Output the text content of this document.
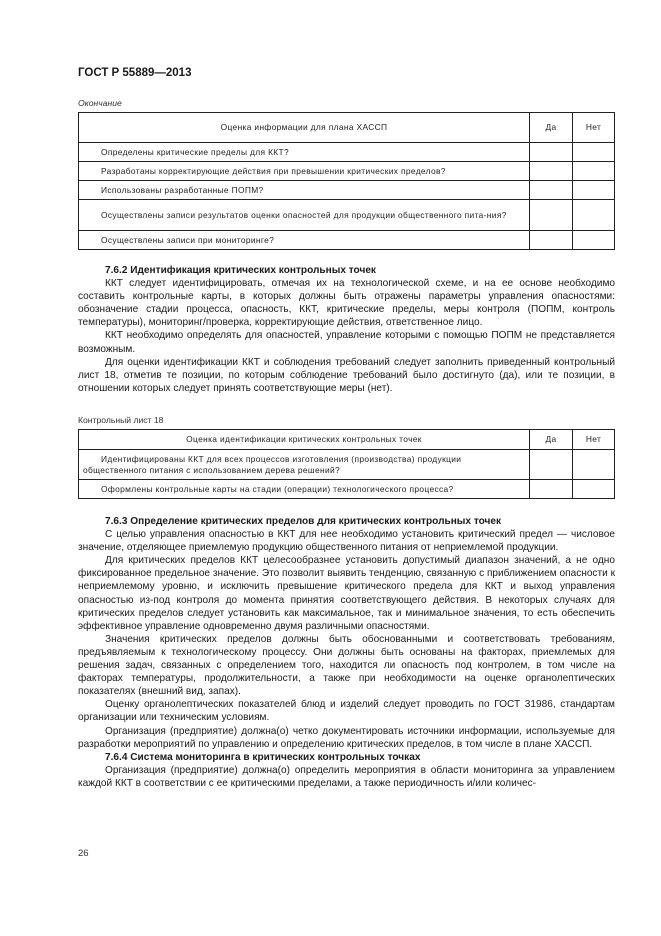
ГОСТ Р 55889—2013
Окончание
Оценка информации для плана ХАССП	Да	Нет
Определены критические пределы для ККТ?		
Разработаны корректирующие действия при превышении критических пределов?		
Использованы разработанные ПОПМ?		
Осуществлены записи результатов оценки опасностей для продукции общественного пита-ния?		
Осуществлены записи при мониторинге?		
7.6.2 Идентификация критических контрольных точек

ККТ следует идентифицировать, отмечая их на технологической схеме, и на ее основе необходимо составить контрольные карты, в которых должны быть отражены параметры управления опасностями: обозначение стадии процесса, опасность, ККТ, критические пределы, меры контроля (ПОПМ, контроль температуры), мониторинг/проверка, корректирующие действия, ответственное лицо.

ККТ необходимо определять для опасностей, управление которыми с помощью ПОПМ не представляется возможным.

Для оценки идентификации ККТ и соблюдения требований следует заполнить приведенный контрольный лист 18, отметив те позиции, по которым соблюдение требований было достигнуто (да), или те позиции, в отношении которых следует принять соответствующие меры (нет).

Контрольный лист 18
Оценка идентификации критических контрольных точек	Да	Нет
Идентифицированы ККТ для всех процессов изготовления (производства) продукции общественного питания с использованием дерева решений?		
Оформлены контрольные карты на стадии (операции) технологического процесса?		
7.6.3 Определение критических пределов для критических контрольных точек

С целью управления опасностью в ККТ для нее необходимо установить критический предел — числовое значение, отделяющее приемлемую продукцию общественного питания от неприемлемой продукции.

Для критических пределов ККТ целесообразнее установить допустимый диапазон значений, а не одно фиксированное предельное значение. Это позволит выявить тенденцию, связанную с приближением опасности к неприемлемому уровню, и исключить превышение критического предела для ККТ и выход управления опасностью из-под контроля до момента принятия соответствующего действия. В некоторых случаях для критических пределов следует установить как максимальное, так и минимальное значения, то есть обеспечить эффективное управление одновременно двумя различными опасностями.

Значения критических пределов должны быть обоснованными и соответствовать требованиям, предъявляемым к технологическому процессу. Они должны быть основаны на факторах, приемлемых для решения задач, связанных с определением того, находится ли опасность под контролем, в том числе на факторах температуры, продолжительности, а также при необходимости на оценке органолептических показателях (внешний вид, запах).

Оценку органолептических показателей блюд и изделий следует проводить по ГОСТ 31986, стандартам организации или техническим условиям.

Организация (предприятие) должна(о) четко документировать источники информации, используемые для разработки мероприятий по управлению и определению критических пределов, в том числе в плане ХАССП.

7.6.4 Система мониторинга в критических контрольных точках

Организация (предприятие) должна(о) определить мероприятия в области мониторинга за управлением каждой ККТ в соответствии с ее критическими пределами, а также периодичность и/или количес-

26
